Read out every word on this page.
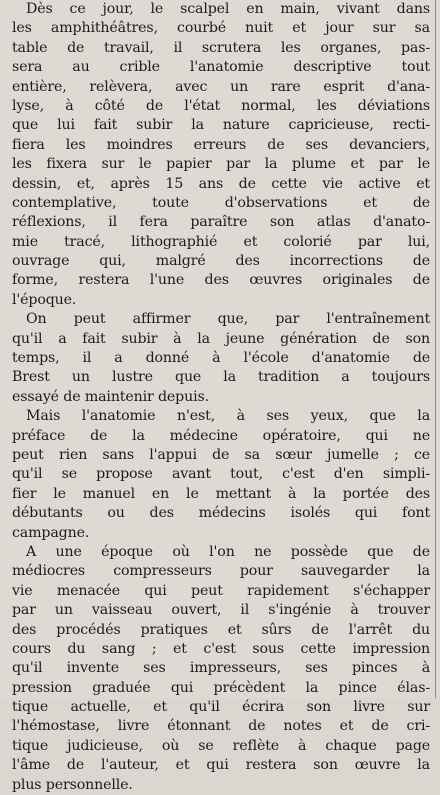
Dès ce jour, le scalpel en main, vivant dans
les amphithéâtres, courbé nuit et jour sur sa
table de travail, il scrutera les organes, pas-
sera au crible l'anatomie descriptive tout
entière, relèvera, avec un rare esprit d'ana-
lyse, à côté de l'état normal, les déviations
que lui fait subir la nature capricieuse, recti-
fiera les moindres erreurs de ses devanciers,
les fixera sur le papier par la plume et par le
dessin, et, après 15 ans de cette vie active et
contemplative, toute d'observations et de
réflexions, il fera paraître son atlas d'anato-
mie tracé, lithographié et colorié par lui,
ouvrage qui, malgré des incorrections de
forme, restera l'une des œuvres originales de
l'époque.
On peut affirmer que, par l'entraînement
qu'il a fait subir à la jeune génération de son
temps, il a donné à l'école d'anatomie de
Brest un lustre que la tradition a toujours
essayé de maintenir depuis.
Mais l'anatomie n'est, à ses yeux, que la
préface de la médecine opératoire, qui ne
peut rien sans l'appui de sa sœur jumelle ; ce
qu'il se propose avant tout, c'est d'en simpli-
fier le manuel en le mettant à la portée des
débutants ou des médecins isolés qui font
campagne.
A une époque où l'on ne possède que de
médiocres compresseurs pour sauvegarder la
vie menacée qui peut rapidement s'échapper
par un vaisseau ouvert, il s'ingénie à trouver
des procédés pratiques et sûrs de l'arrêt du
cours du sang ; et c'est sous cette impression
qu'il invente ses impresseurs, ses pinces à
pression graduée qui précèdent la pince élas-
tique actuelle, et qu'il écrira son livre sur
l'hémostase, livre étonnant de notes et de cri-
tique judicieuse, où se reflète à chaque page
l'âme de l'auteur, et qui restera son œuvre la
plus personnelle.
